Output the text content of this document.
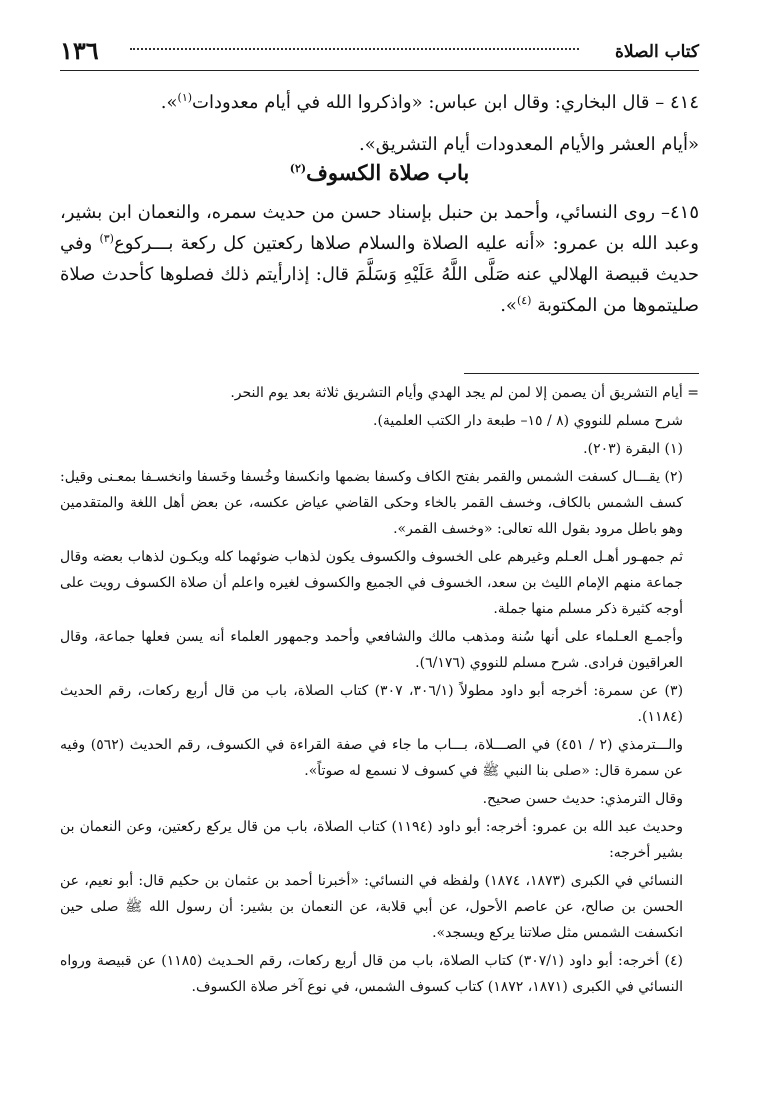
كتاب الصلاة
١٣٦
٤١٤ – قال البخاري: وقال ابن عباس: «واذكروا الله في أيام معدودات$^{(١)}$».
«أيام العشر والأيام المعدودات أيام التشريق».
باب صلاة الكسوف$^{(٢)}$

٤١٥– روى النسائي، وأحمد بن حنبل بإسناد حسن من حديث سمره، والنعمان ابن بشير، وعبد الله بن عمرو: «أنه عليه الصلاة والسلام صلاها ركعتين كل ركعة بـــركوع$^{(٣)}$ وفي حديث قبيصة الهلالي عنه صَلَّى اللَّهُ عَلَيْهِ وَسَلَّمَ قال: إذارأيتم ذلك فصلوها كأحدث صلاة صليتموها من المكتوبة $^{(٤)}$».

= أيام التشريق أن يصمن إلا لمن لم يجد الهدي وأيام التشريق ثلاثة بعد يوم النحر.

شرح مسلم للنووي (٨ / ١٥– طبعة دار الكتب العلمية).

(١) البقرة (٢٠٣).

(٢) يقـــال كسفت الشمس والقمر بفتح الكاف وكسفا بضمها وانكسفا وخُسفا وخَسفا وانخسـفا بمعـنى وقيل: كسف الشمس بالكاف، وخسف القمر بالخاء وحكى القاضي عياض عكسه، عن بعض أهل اللغة والمتقدمين وهو باطل مرود بقول الله تعالى: «وخسف القمر».

ثم جمهـور أهـل العـلم وغيرهم على الخسوف والكسوف يكون لذهاب ضوئهما كله ويكـون لذهاب بعضه وقال جماعة منهم الإمام الليث بن سعد، الخسوف في الجميع والكسوف لغيره واعلم أن صلاة الكسوف رويت على أوجه كثيرة ذكر مسلم منها جملة.

وأجمـع العـلماء على أنها سُنة ومذهب مالك والشافعي وأحمد وجمهور العلماء أنه يسن فعلها جماعة، وقال العراقيون فرادى. شرح مسلم للنووي (٦/١٧٦).

(٣) عن سمرة: أخرجه أبو داود مطولاً (٣٠٦/١، ٣٠٧) كتاب الصلاة، باب من قال أربع ركعات، رقم الحديث (١١٨٤).

والـــترمذي (٢ / ٤٥١) في الصـــلاة، بـــاب ما جاء في صفة القراءة في الكسوف، رقم الحديث (٥٦٢) وفيه عن سمرة قال: «صلى بنا النبي ﷺ في كسوف لا نسمع له صوتاً».

وقال الترمذي: حديث حسن صحيح.

وحديث عبد الله بن عمرو: أخرجه: أبو داود (١١٩٤) كتاب الصلاة، باب من قال يركع ركعتين، وعن النعمان بن بشير أخرجه:

النسائي في الكبرى (١٨٧٣، ١٨٧٤) ولفظه في النسائي: «أخبرنا أحمد بن عثمان بن حكيم قال: أبو نعيم، عن الحسن بن صالح، عن عاصم الأحول، عن أبي قلابة، عن النعمان بن بشير: أن رسول الله ﷺ صلى حين انكسفت الشمس مثل صلاتنا يركع ويسجد».

(٤) أخرجه: أبو داود (٣٠٧/١) كتاب الصلاة، باب من قال أربع ركعات، رقم الحـديث (١١٨٥) عن قبيصة ورواه النسائي في الكبرى (١٨٧١، ١٨٧٢) كتاب كسوف الشمس، في نوع آخر صلاة الكسوف.
